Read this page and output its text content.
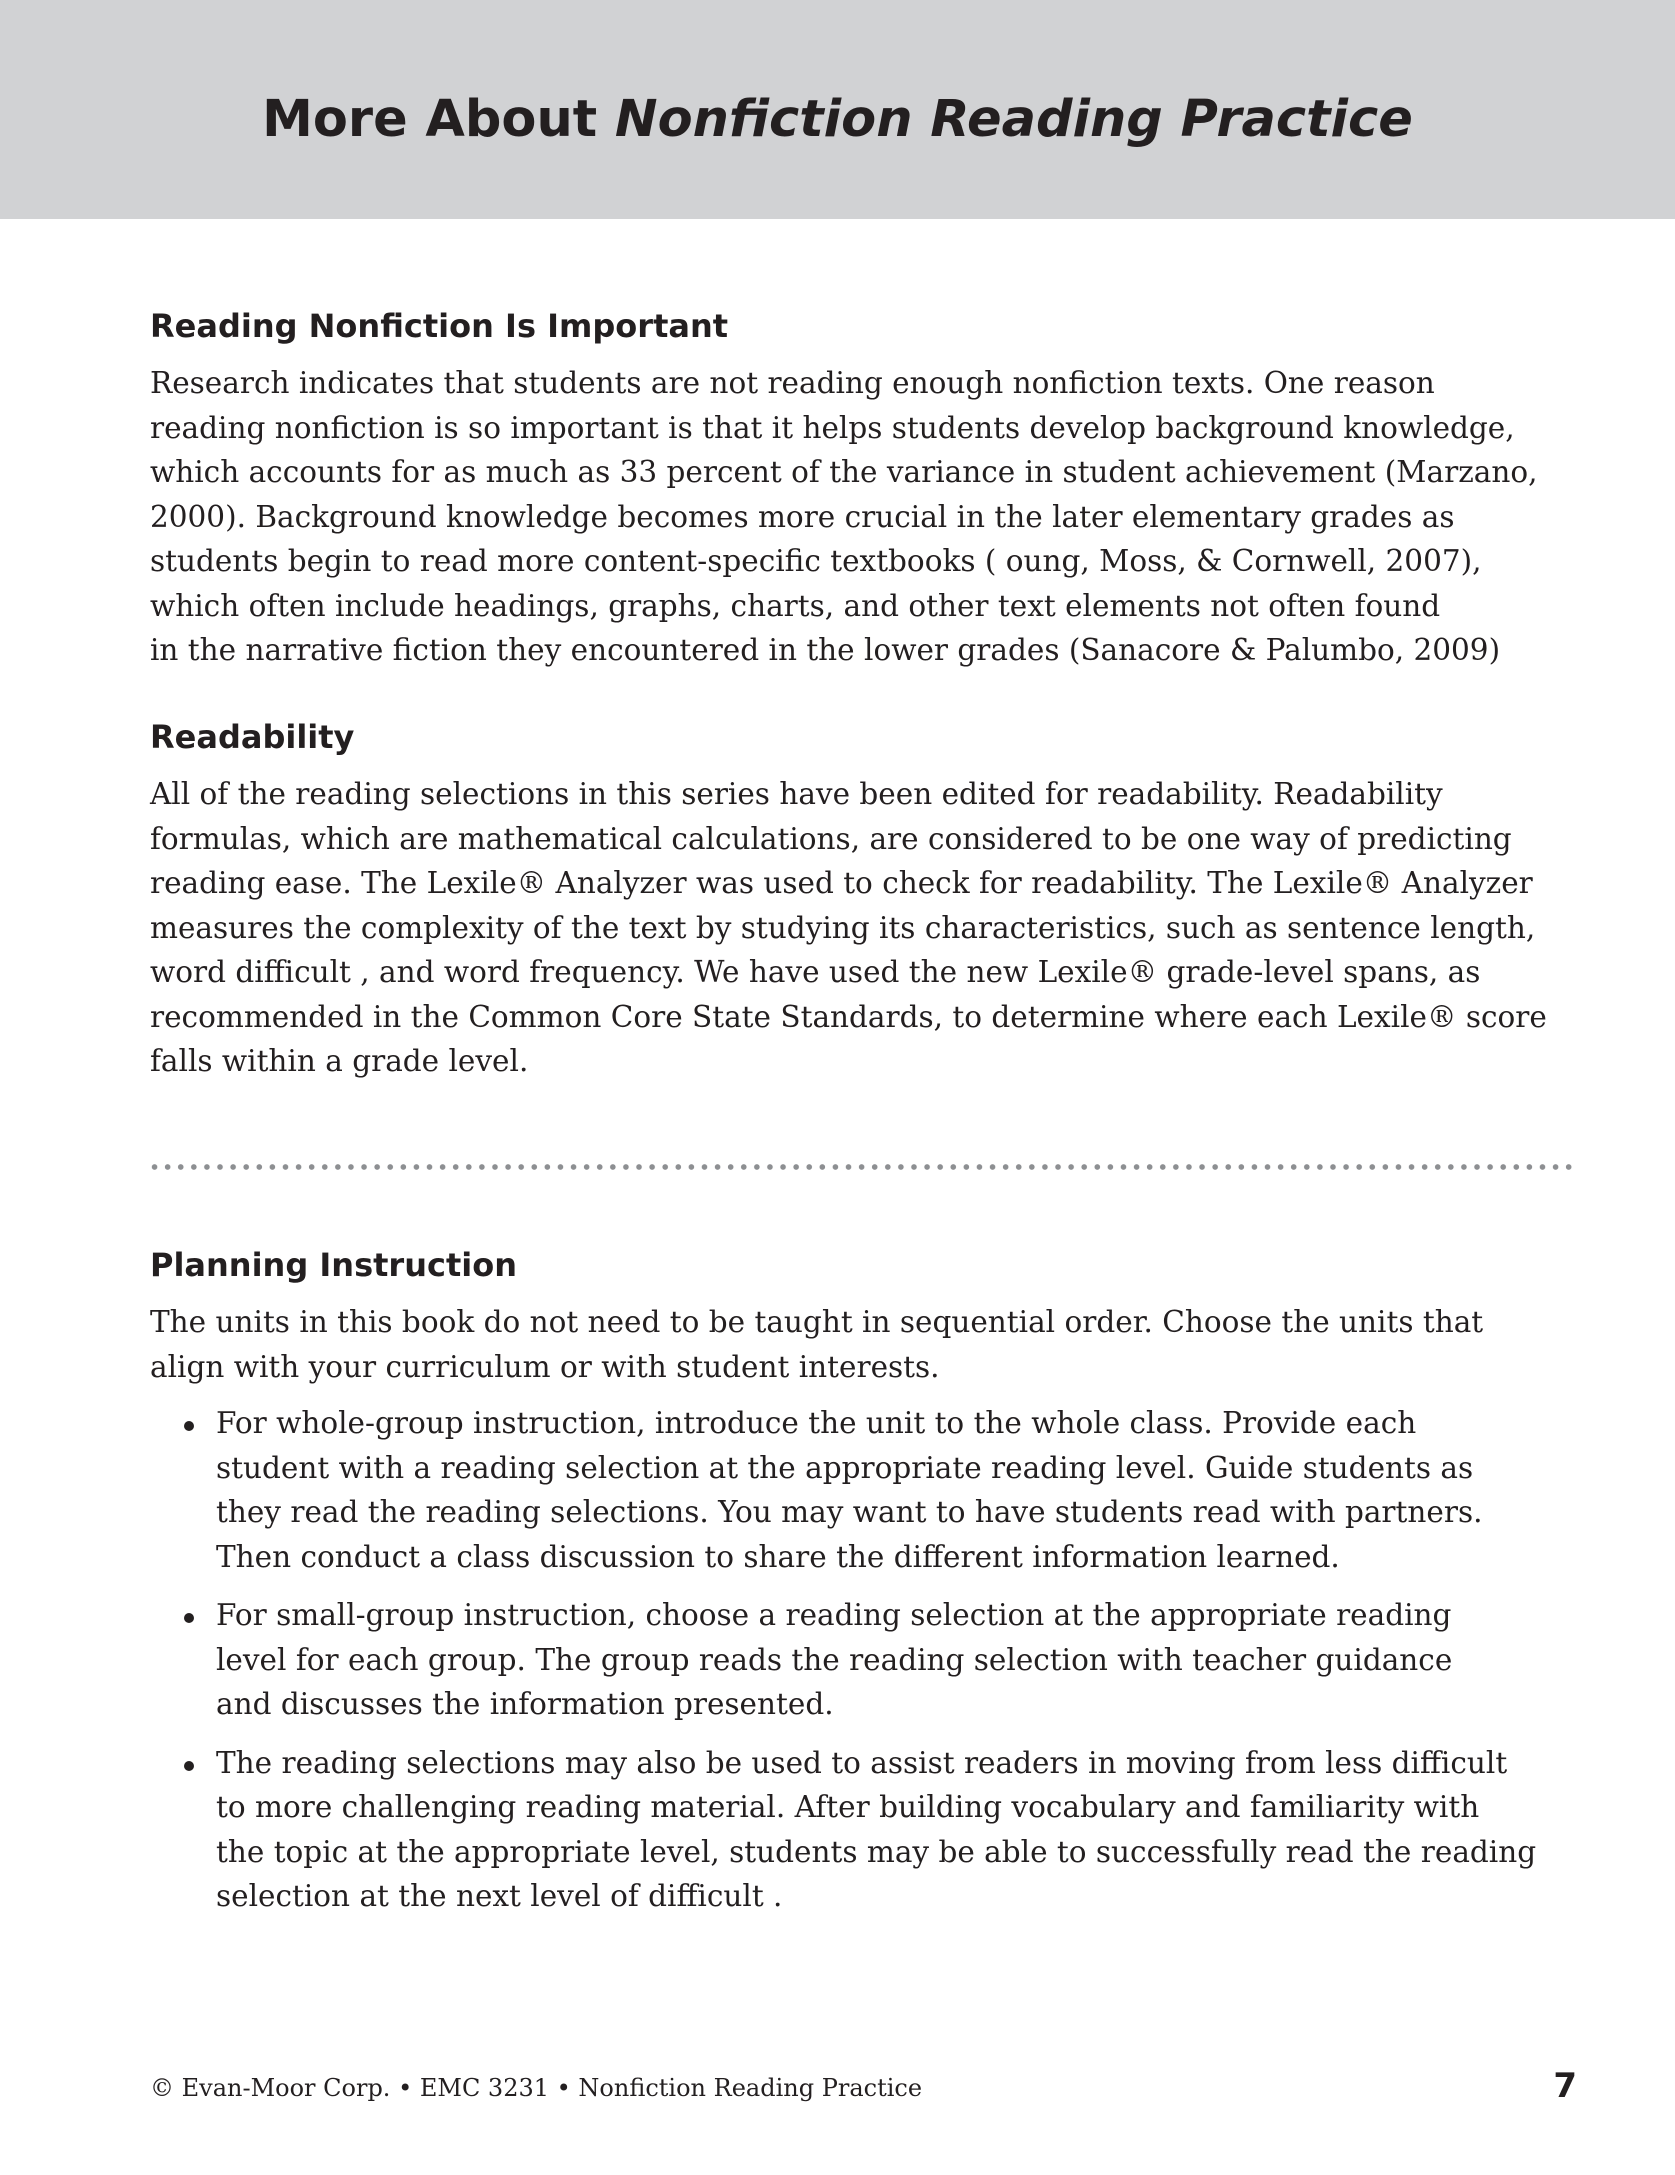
More About Nonfiction Reading Practice
Reading Nonfiction Is Important

Research indicates that students are not reading enough nonfiction texts. One reason
reading nonfiction is so important is that it helps students develop background knowledge,
which accounts for as much as 33 percent of the variance in student achievement (Marzano,
2000). Background knowledge becomes more crucial in the later elementary grades as
students begin to read more content-specific textbooks ( oung, Moss, & Cornwell, 2007),
which often include headings, graphs, charts, and other text elements not often found
in the narrative fiction they encountered in the lower grades (Sanacore & Palumbo, 2009)

Readability

All of the reading selections in this series have been edited for readability. Readability
formulas, which are mathematical calculations, are considered to be one way of predicting
reading ease. The Lexile® Analyzer was used to check for readability. The Lexile® Analyzer
measures the complexity of the text by studying its characteristics, such as sentence length,
word difficult , and word frequency. We have used the new Lexile® grade-level spans, as
recommended in the Common Core State Standards, to determine where each Lexile® score
falls within a grade level.

Planning Instruction

The units in this book do not need to be taught in sequential order. Choose the units that
align with your curriculum or with student interests.

For whole-group instruction, introduce the unit to the whole class. Provide each
student with a reading selection at the appropriate reading level. Guide students as
they read the reading selections. You may want to have students read with partners.
Then conduct a class discussion to share the different information learned.
For small-group instruction, choose a reading selection at the appropriate reading
level for each group. The group reads the reading selection with teacher guidance
and discusses the information presented.
The reading selections may also be used to assist readers in moving from less difficult
to more challenging reading material. After building vocabulary and familiarity with
the topic at the appropriate level, students may be able to successfully read the reading
selection at the next level of difficult .
© Evan-Moor Corp. • EMC 3231 • Nonfiction Reading Practice	7
